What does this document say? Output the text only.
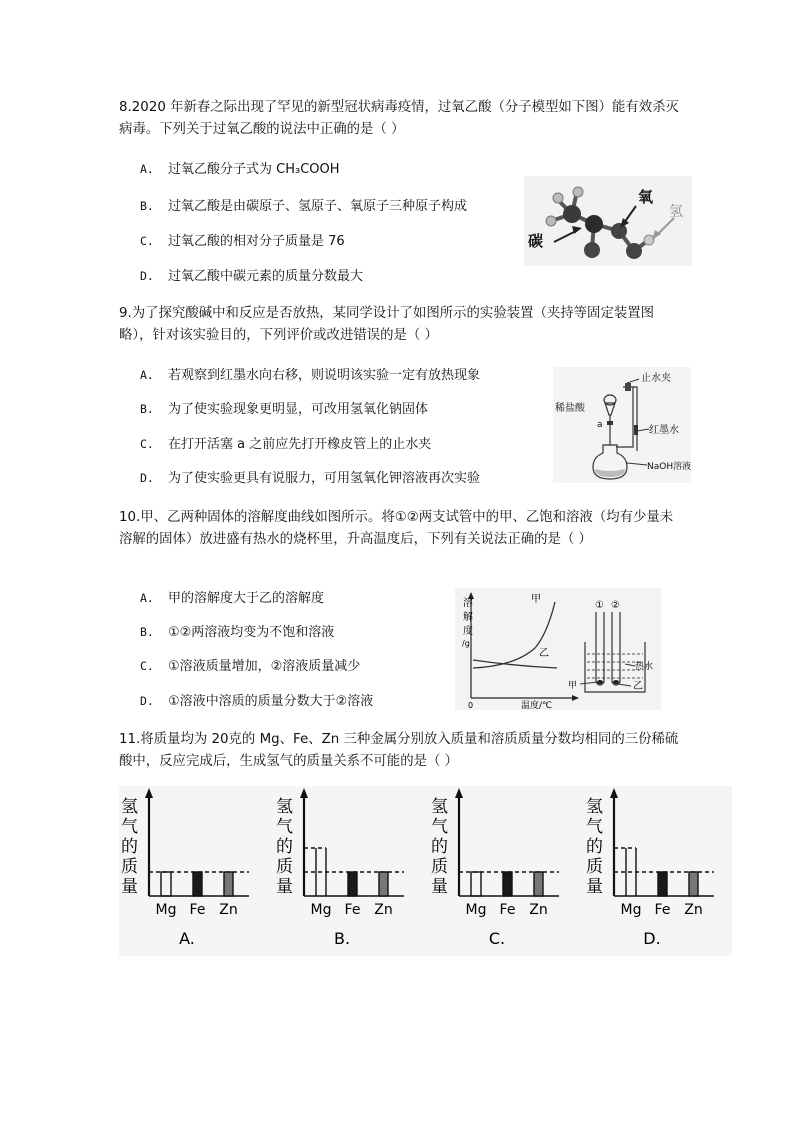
8.2020 年新春之际出现了罕见的新型冠状病毒疫情，过氧乙酸（分子模型如下图）能有效杀灭病毒。下列关于过氧乙酸的说法中正确的是（ ）
A. 过氧乙酸分子式为 CH₃COOH
B. 过氧乙酸是由碳原子、氢原子、氧原子三种原子构成
C. 过氧乙酸的相对分子质量是 76
D. 过氧乙酸中碳元素的质量分数最大
氧
氢
碳
9.为了探究酸碱中和反应是否放热，某同学设计了如图所示的实验装置（夹持等固定装置图略），针对该实验目的，下列评价或改进错误的是（ ）
A. 若观察到红墨水向右移，则说明该实验一定有放热现象
B. 为了使实验现象更明显，可改用氢氧化钠固体
C. 在打开活塞 a 之前应先打开橡皮管上的止水夹
D. 为了使实验更具有说服力，可用氢氧化钾溶液再次实验
止水夹
稀盐酸
a	红墨水
NaOH溶液
10.甲、乙两种固体的溶解度曲线如图所示。将①②两支试管中的甲、乙饱和溶液（均有少量未溶解的固体）放进盛有热水的烧杯里，升高温度后，下列有关说法正确的是（ ）
A. 甲的溶解度大于乙的溶解度
B. ①②两溶液均变为不饱和溶液
C. ①溶液质量增加，②溶液质量减少
D. ①溶液中溶质的质量分数大于②溶液
溶
解
度
/g
0	温度/℃
甲
乙
① ②
热水
甲	乙
11.将质量均为 20克的 Mg、Fe、Zn 三种金属分别放入质量和溶质质量分数均相同的三份稀硫酸中，反应完成后，生成氢气的质量关系不可能的是（ ）
氢
气
的
质
量
Mg Fe Zn
A.
氢
气
的
质
量
Mg Fe Zn
B.
氢
气
的
质
量
Mg Fe Zn
C.
氢
气
的
质
量
Mg Fe Zn
D.
